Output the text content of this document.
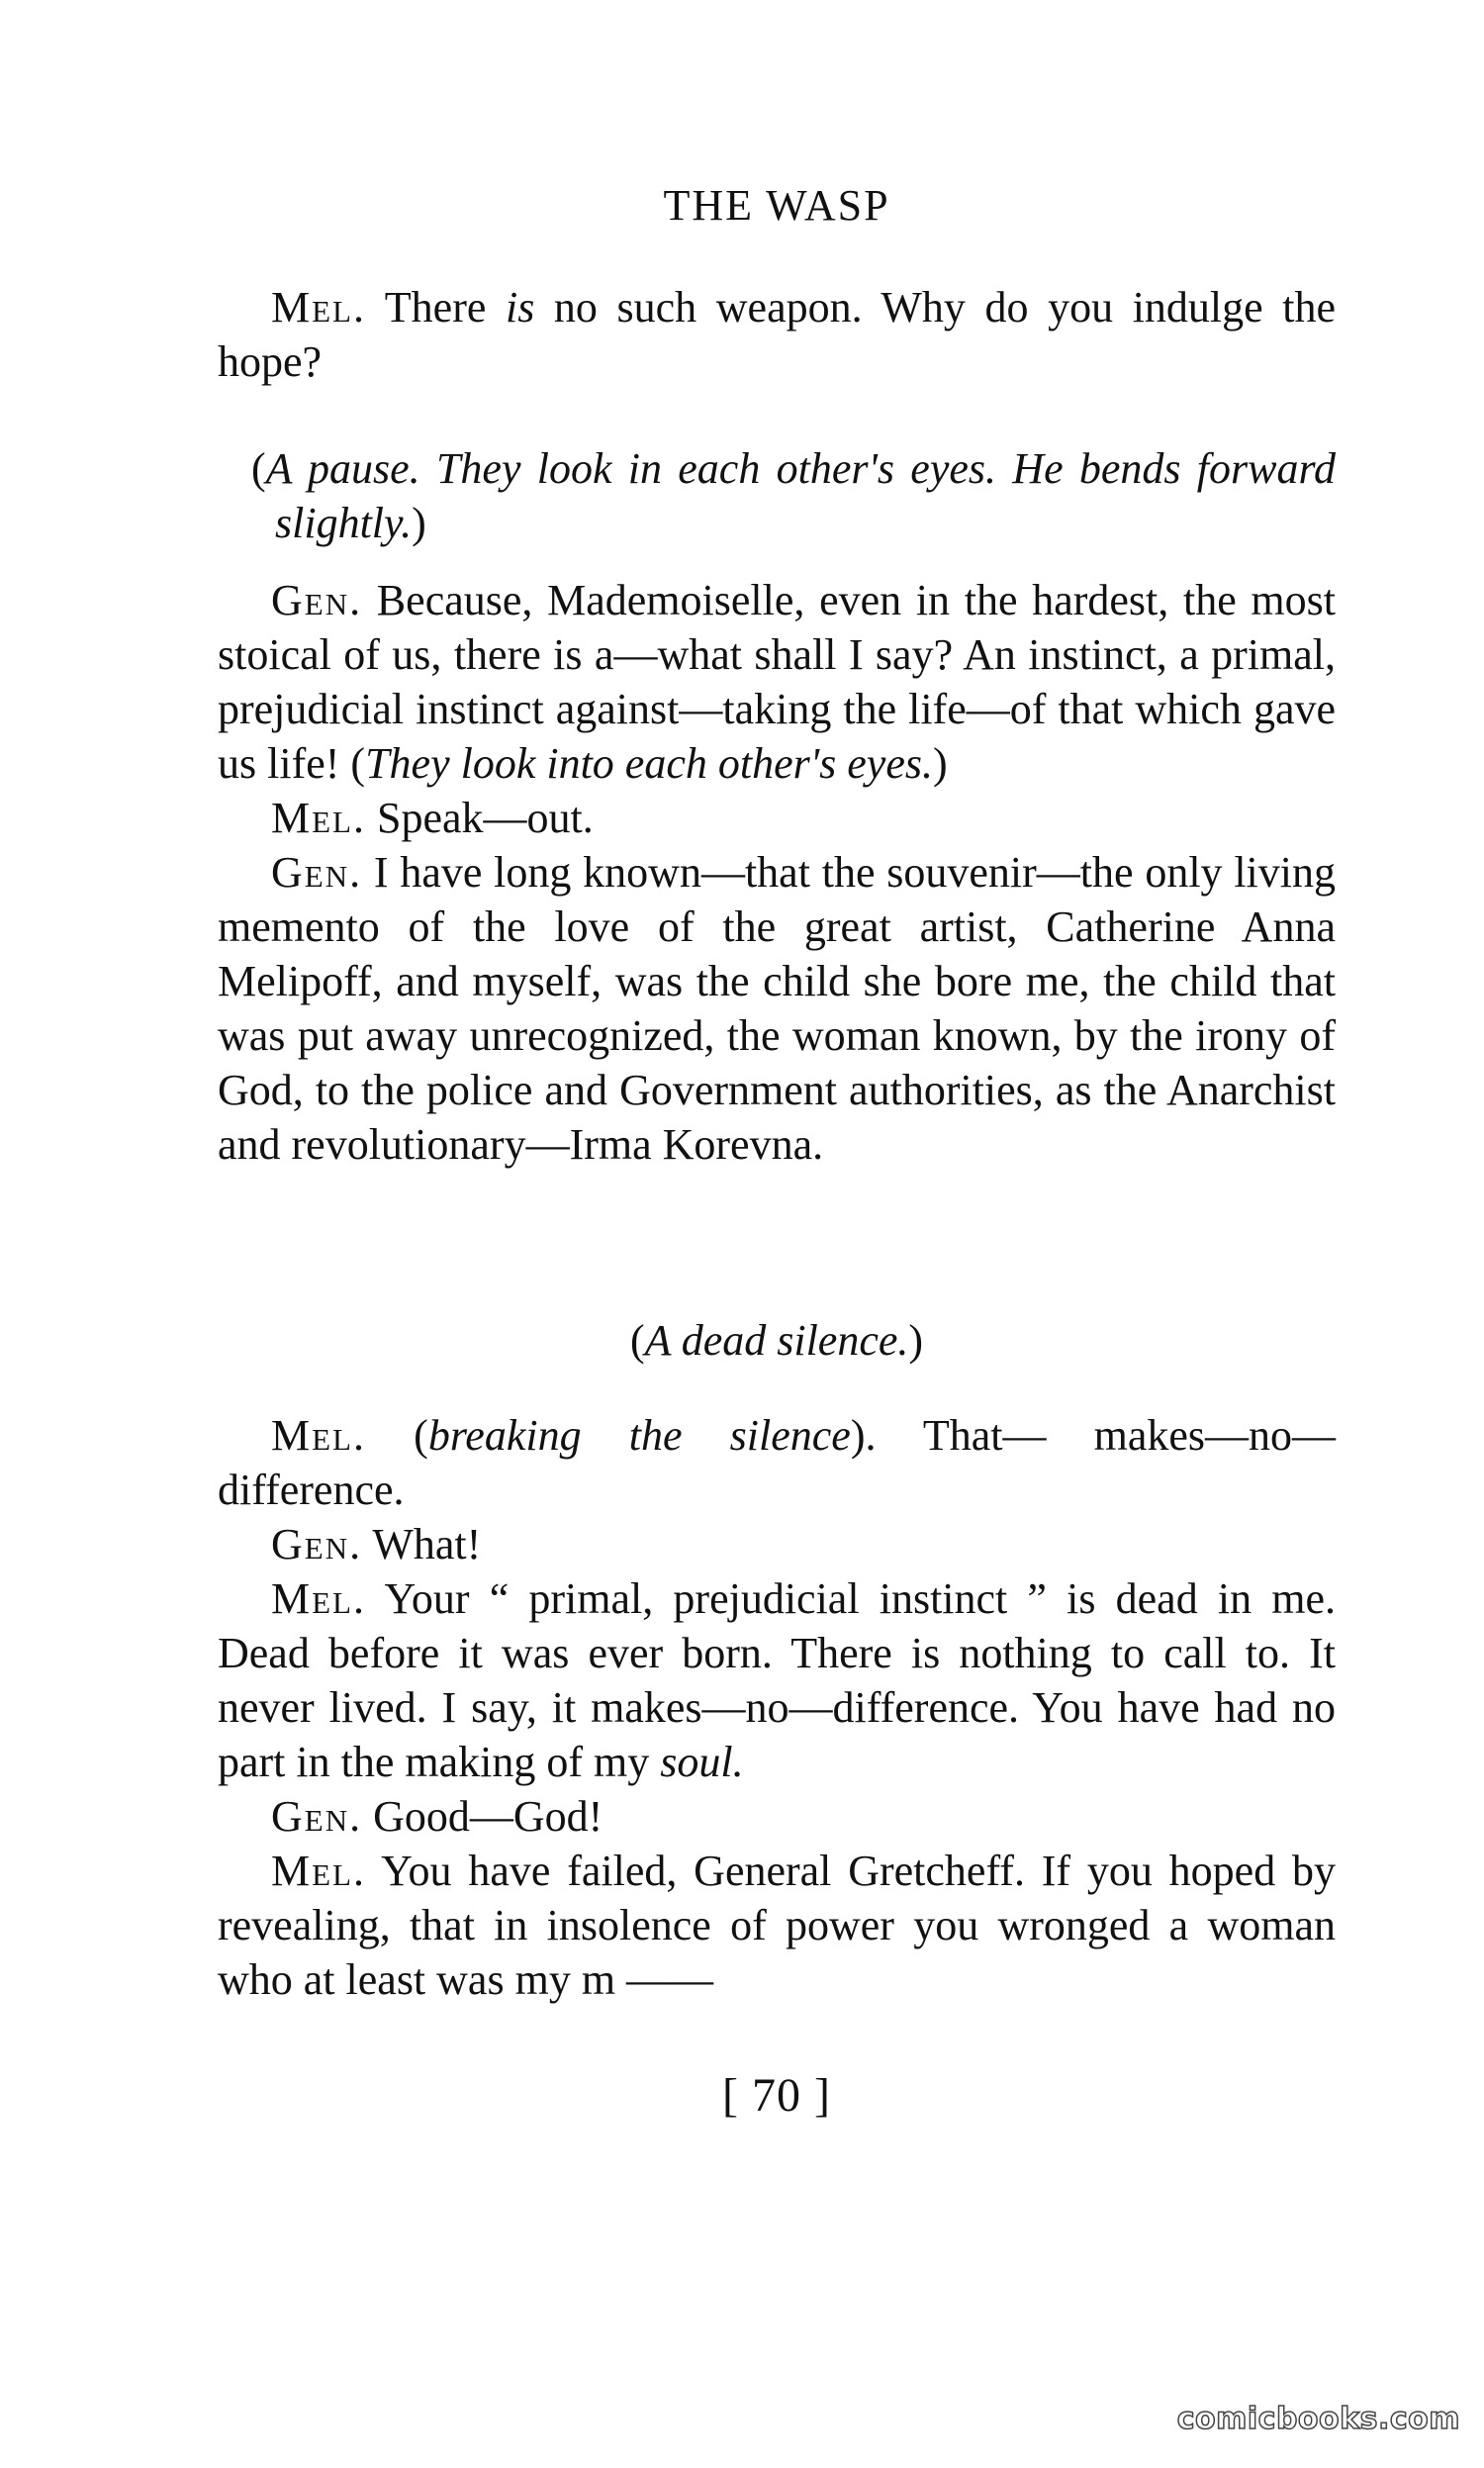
THE WASP

Mel. There is no such weapon. Why do you indulge the hope?

(A pause. They look in each other's eyes. He bends forward slightly.)

Gen. Because, Mademoiselle, even in the hardest, the most stoical of us, there is a—what shall I say? An instinct, a primal, prejudicial instinct against—taking the life—of that which gave us life! (They look into each other's eyes.)

Mel. Speak—out.

Gen. I have long known—that the souvenir—the only living memento of the love of the great artist, Catherine Anna Melipoff, and myself, was the child she bore me, the child that was put away unrecognized, the woman known, by the irony of God, to the police and Government authorities, as the Anarchist and revolutionary—Irma Korevna.

(A dead silence.)

Mel. (breaking the silence). That— makes—no—difference.

Gen. What!

Mel. Your “ primal, prejudicial instinct ” is dead in me. Dead before it was ever born. There is nothing to call to. It never lived. I say, it makes—no—difference. You have had no part in the making of my soul.

Gen. Good—God!

Mel. You have failed, General Gretcheff. If you hoped by revealing, that in insolence of power you wronged a woman who at least was my m ——

[ 70 ]
comicbooks.com
